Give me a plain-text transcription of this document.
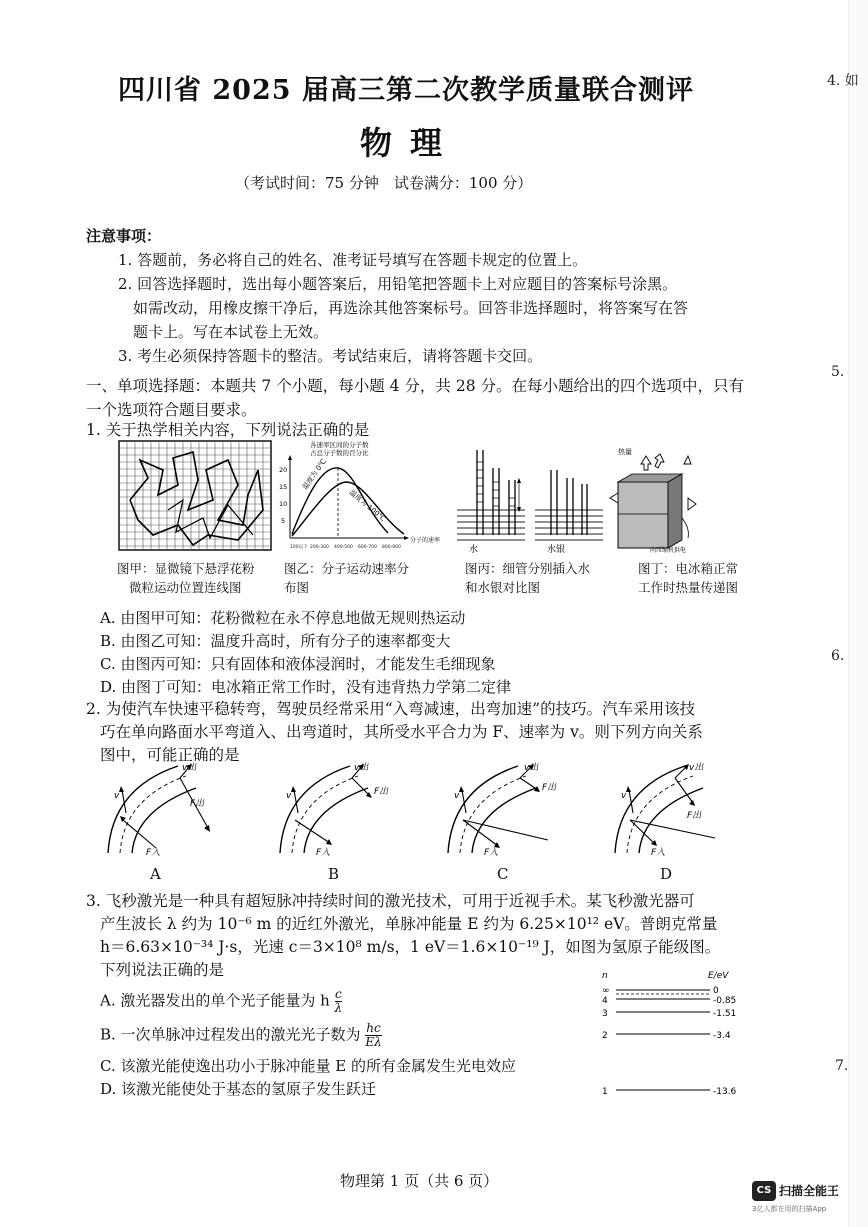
四川省 2025 届高三第二次教学质量联合测评
物理
（考试时间：75 分钟　试卷满分：100 分）
注意事项：
1. 答题前，务必将自己的姓名、准考证号填写在答题卡规定的位置上。
2. 回答选择题时，选出每小题答案后，用铅笔把答题卡上对应题目的答案标号涂黑。
如需改动，用橡皮擦干净后，再选涂其他答案标号。回答非选择题时，将答案写在答
题卡上。写在本试卷上无效。
3. 考生必须保持答题卡的整洁。考试结束后，请将答题卡交回。
一、单项选择题：本题共 7 个小题，每小题 4 分，共 28 分。在每小题给出的四个选项中，只有
一个选项符合题目要求。
1. 关于热学相关内容，下列说法正确的是
图甲：显微镜下悬浮花粉
微粒运动位置连线图
各速率区间的分子数
占总分子数的百分比
20
15
10
5
温度为 0℃
温度为 100℃
100以下 200-300 400-500 600-700 800-900
分子的速率
图乙：分子运动速率分
布图
水	水银
图丙：细管分别插入水
和水银对比图
热量
向压缩机供电
图丁：电冰箱正常
工作时热量传递图
A. 由图甲可知：花粉微粒在永不停息地做无规则热运动
B. 由图乙可知：温度升高时，所有分子的速率都变大
C. 由图丙可知：只有固体和液体浸润时，才能发生毛细现象
D. 由图丁可知：电冰箱正常工作时，没有违背热力学第二定律
2. 为使汽车快速平稳转弯，驾驶员经常采用“入弯减速，出弯加速”的技巧。汽车采用该技
巧在单向路面水平弯道入、出弯道时，其所受水平合力为 F、速率为 v。则下列方向关系
图中，可能正确的是
v
v出
F出
F入
A
v
v出
F出
F入
B
v
v出
F出
F入
C
v
v出
F出
F入
D
3. 飞秒激光是一种具有超短脉冲持续时间的激光技术，可用于近视手术。某飞秒激光器可
产生波长 λ 约为 10⁻⁶ m 的近红外激光，单脉冲能量 E 约为 6.25×10¹² eV。普朗克常量
h＝6.63×10⁻³⁴ J·s，光速 c＝3×10⁸ m/s，1 eV＝1.6×10⁻¹⁹ J，如图为氢原子能级图。
下列说法正确的是
A. 激光器发出的单个光子能量为 h $\frac{c}{\lambda}$
B. 一次单脉冲过程发出的激光光子数为 $\frac{hc}{E\lambda}$
C. 该激光能使逸出功小于脉冲能量 E 的所有金属发生光电效应
D. 该激光能使处于基态的氢原子发生跃迁
n	E/eV
∞	0
4	-0.85
3	-1.51
2	-3.4
1	-13.6
物理第 1 页（共 6 页）
4. 如
5.
6.
7.
CS 扫描全能王
3亿人都在用的扫描App
